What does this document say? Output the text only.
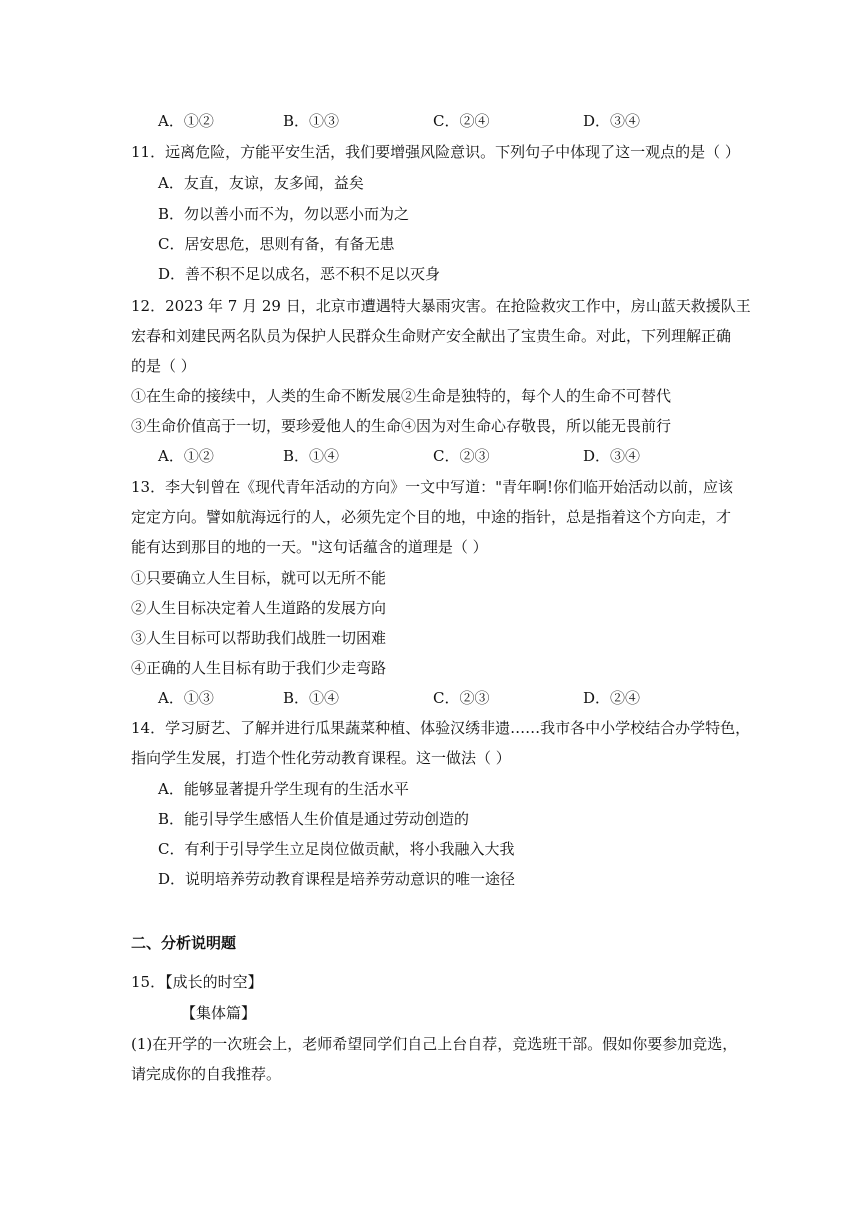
A．①②	B．①③	C．②④	D．③④
11．远离危险，方能平安生活，我们要增强风险意识。下列句子中体现了这一观点的是（ ）
A．友直，友谅，友多闻，益矣
B．勿以善小而不为，勿以恶小而为之
C．居安思危，思则有备，有备无患
D．善不积不足以成名，恶不积不足以灭身
12．2023 年 7 月 29 日，北京市遭遇特大暴雨灾害。在抢险救灾工作中，房山蓝天救援队王
宏春和刘建民两名队员为保护人民群众生命财产安全献出了宝贵生命。对此，下列理解正确
的是（ ）
①在生命的接续中，人类的生命不断发展②生命是独特的，每个人的生命不可替代
③生命价值高于一切，要珍爱他人的生命④因为对生命心存敬畏，所以能无畏前行
A．①②	B．①④	C．②③	D．③④
13．李大钊曾在《现代青年活动的方向》一文中写道："青年啊!你们临开始活动以前，应该
定定方向。譬如航海远行的人，必须先定个目的地，中途的指针，总是指着这个方向走，才
能有达到那目的地的一天。"这句话蕴含的道理是（ ）
①只要确立人生目标，就可以无所不能
②人生目标决定着人生道路的发展方向
③人生目标可以帮助我们战胜一切困难
④正确的人生目标有助于我们少走弯路
A．①③	B．①④	C．②③	D．②④
14．学习厨艺、了解并进行瓜果蔬菜种植、体验汉绣非遗……我市各中小学校结合办学特色，
指向学生发展，打造个性化劳动教育课程。这一做法（ ）
A．能够显著提升学生现有的生活水平
B．能引导学生感悟人生价值是通过劳动创造的
C．有利于引导学生立足岗位做贡献，将小我融入大我
D．说明培养劳动教育课程是培养劳动意识的唯一途径
二、分析说明题
15．【成长的时空】
【集体篇】
(1)在开学的一次班会上，老师希望同学们自己上台自荐，竞选班干部。假如你要参加竞选，
请完成你的自我推荐。
